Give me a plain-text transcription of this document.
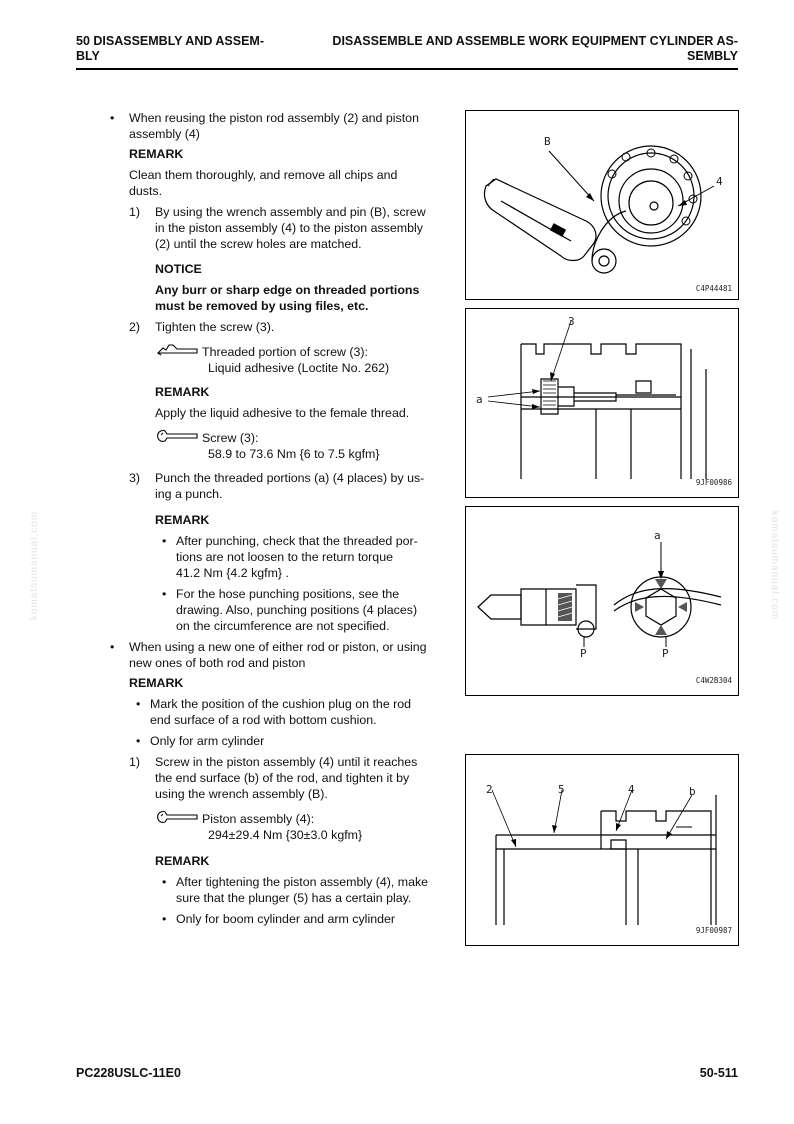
50 DISASSEMBLY AND ASSEM-
BLY
DISASSEMBLE AND ASSEMBLE WORK EQUIPMENT CYLINDER AS-
SEMBLY
komatsumanual.com	komatsumanual.com
• When reusing the piston rod assembly (2) and piston
assembly (4)
REMARK
Clean them thoroughly, and remove all chips and
dusts.
1) By using the wrench assembly and pin (B), screw
in the piston assembly (4) to the piston assembly
(2) until the screw holes are matched.
NOTICE
Any burr or sharp edge on threaded portions
must be removed by using files, etc.
2) Tighten the screw (3).
Threaded portion of screw (3):
Liquid adhesive (Loctite No. 262)
REMARK
Apply the liquid adhesive to the female thread.
Screw (3):
58.9 to 73.6 Nm {6 to 7.5 kgfm}
3) Punch the threaded portions (a) (4 places) by us-
ing a punch.
REMARK
• After punching, check that the threaded por-
tions are not loosen to the return torque
41.2 Nm {4.2 kgfm} .
• For the hose punching positions, see the
drawing. Also, punching positions (4 places)
on the circumference are not specified.
• When using a new one of either rod or piston, or using
new ones of both rod and piston
REMARK
• Mark the position of the cushion plug on the rod
end surface of a rod with bottom cushion.
• Only for arm cylinder
1) Screw in the piston assembly (4) until it reaches
the end surface (b) of the rod, and tighten it by
using the wrench assembly (B).
Piston assembly (4):
294±29.4 Nm {30±3.0 kgfm}
REMARK
• After tightening the piston assembly (4), make
sure that the plunger (5) has a certain play.
• Only for boom cylinder and arm cylinder
B
4
C4P44481
3
a
9JF00986
a
P	P
C4W2B304
2	5	4	b
9JF00987
PC228USLC-11E0	50-511
